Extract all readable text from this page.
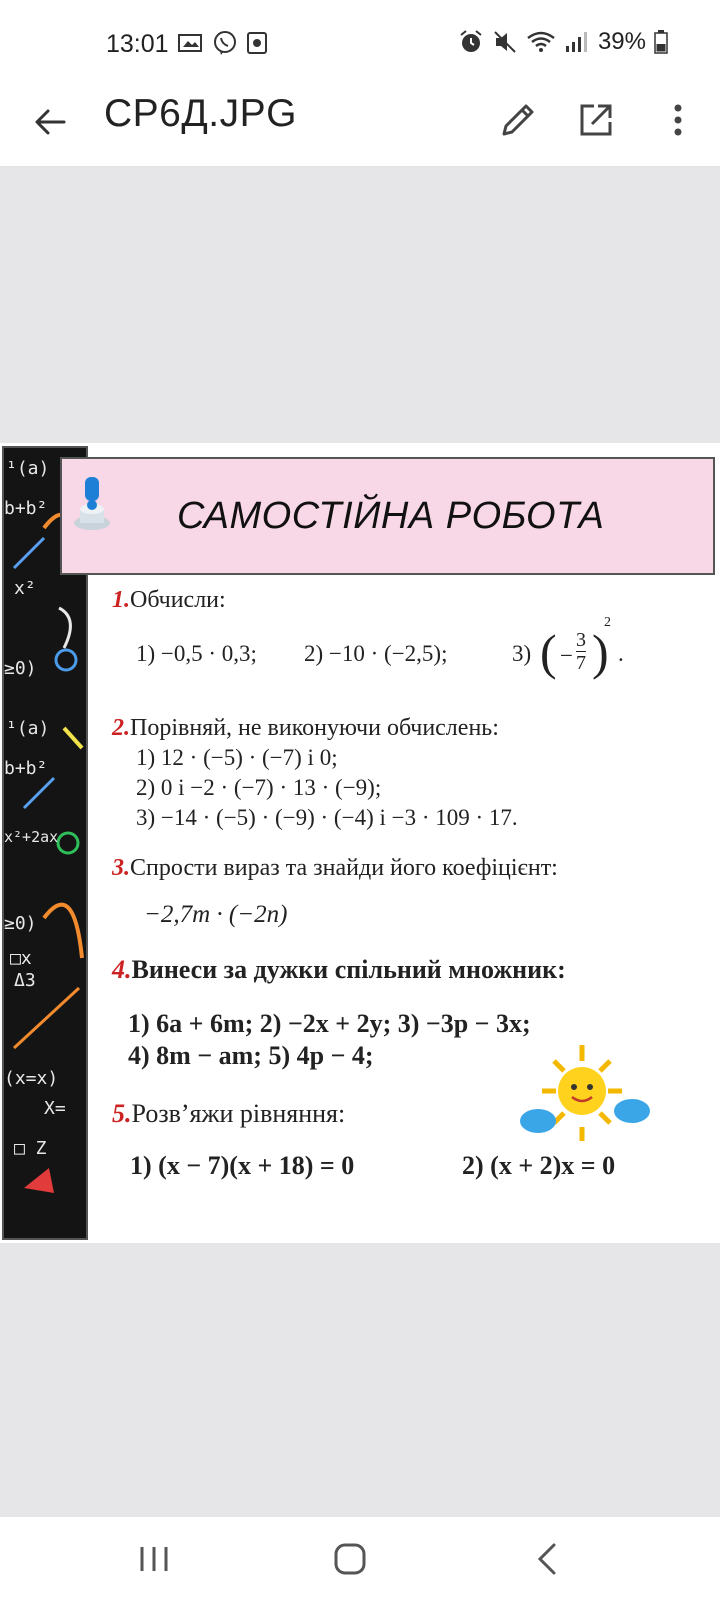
13:01	39%
СР6Д.JPG
¹(a)
b+b²
x²
≥0)
¹(a)
b+b²
x²+2ax
≥0)
□x
Δ3
(x=x)
X=
□ Z
САМОСТІЙНА РОБОТА
1.Обчисли:
1) −0,5 · 0,3; 2) −10 · (−2,5);	3) ( − $\frac{3}{7}$ )
2
.
2.Порівняй, не виконуючи обчислень:
1) 12 · (−5) · (−7) і 0;
2) 0 і −2 · (−7) · 13 · (−9);
3) −14 · (−5) · (−9) · (−4) і −3 · 109 · 17.
3.Спрости вираз та знайди його коефіцієнт:
−2,7m · (−2n)
4.Винеси за дужки спільний множник:
1) 6a + 6m; 2) −2x + 2y; 3) −3p − 3x;
4) 8m − am; 5) 4p − 4;
5.Розв’яжи рівняння:
1) (x − 7)(x + 18) = 0	2) (x + 2)x = 0
